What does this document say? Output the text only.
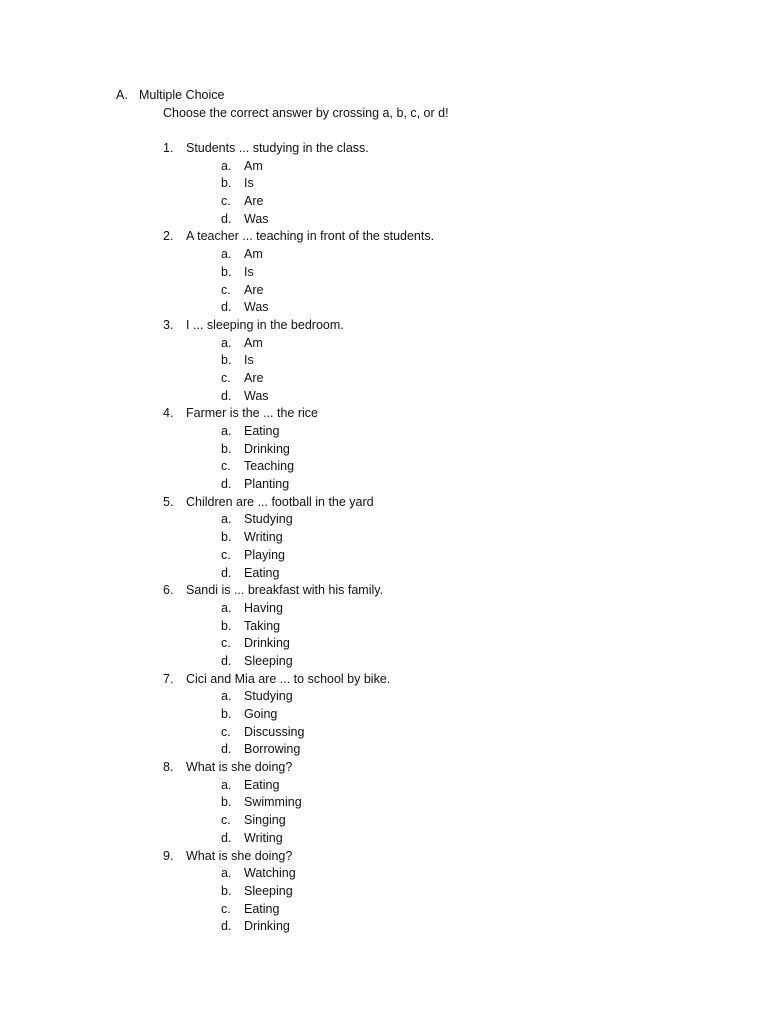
A. Multiple Choice
Choose the correct answer by crossing a, b, c, or d!
1. Students ... studying in the class.
a. Am
b. Is
c. Are
d. Was
2. A teacher ... teaching in front of the students.
a. Am
b. Is
c. Are
d. Was
3. I ... sleeping in the bedroom.
a. Am
b. Is
c. Are
d. Was
4. Farmer is the ... the rice
a. Eating
b. Drinking
c. Teaching
d. Planting
5. Children are ... football in the yard
a. Studying
b. Writing
c. Playing
d. Eating
6. Sandi is ... breakfast with his family.
a. Having
b. Taking
c. Drinking
d. Sleeping
7. Cici and Mia are ... to school by bike.
a. Studying
b. Going
c. Discussing
d. Borrowing
8. What is she doing?
a. Eating
b. Swimming
c. Singing
d. Writing
9. What is she doing?
a. Watching
b. Sleeping
c. Eating
d. Drinking
